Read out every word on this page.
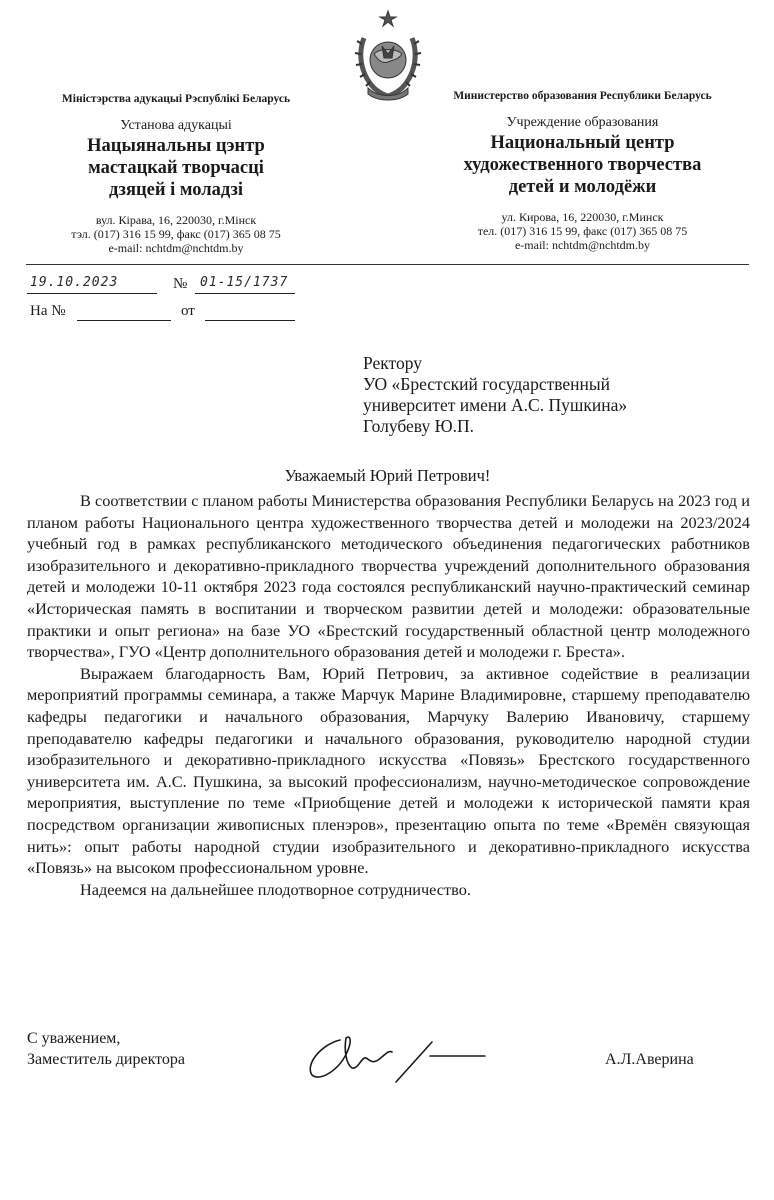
Міністэрства адукацыі Рэспублікі Беларусь
Установа адукацыі
Нацыянальны цэнтр
мастацкай творчасці
дзяцей і моладзі
вул. Кірава, 16, 220030, г.Мінск
тэл. (017) 316 15 99, факс (017) 365 08 75
e-mail: nchtdm@nchtdm.by
Министерство образования Республики Беларусь
Учреждение образования
Национальный центр
художественного творчества
детей и молодёжи
ул. Кирова, 16, 220030, г.Минск
тел. (017) 316 15 99, факс (017) 365 08 75
e-mail: nchtdm@nchtdm.by
19.10.2023	№ 01-15/1737
На №	от
Ректору
УО «Брестский государственный
университет имени А.С. Пушкина»
Голубеву Ю.П.
Уважаемый Юрий Петрович!

В соответствии с планом работы Министерства образования Республики Беларусь на 2023 год и планом работы Национального центра художественного творчества детей и молодежи на 2023/2024 учебный год в рамках республиканского методического объединения педагогических работников изобразительного и декоративно-прикладного творчества учреждений дополнительного образования детей и молодежи 10-11 октября 2023 года состоялся республиканский научно-практический семинар «Историческая память в воспитании и творческом развитии детей и молодежи: образовательные практики и опыт региона» на базе УО «Брестский государственный областной центр молодежного творчества», ГУО «Центр дополнительного образования детей и молодежи г. Бреста».

Выражаем благодарность Вам, Юрий Петрович, за активное содействие в реализации мероприятий программы семинара, а также Марчук Марине Владимировне, старшему преподавателю кафедры педагогики и начального образования, Марчуку Валерию Ивановичу, старшему преподавателю кафедры педагогики и начального образования, руководителю народной студии изобразительного и декоративно-прикладного искусства «Повязь» Брестского государственного университета им. А.С. Пушкина, за высокий профессионализм, научно-методическое сопровождение мероприятия, выступление по теме «Приобщение детей и молодежи к исторической памяти края посредством организации живописных пленэров», презентацию опыта по теме «Времён связующая нить»: опыт работы народной студии изобразительного и декоративно-прикладного искусства «Повязь» на высоком профессиональном уровне.

Надеемся на дальнейшее плодотворное сотрудничество.

С уважением,
Заместитель директора	А.Л.Аверина
